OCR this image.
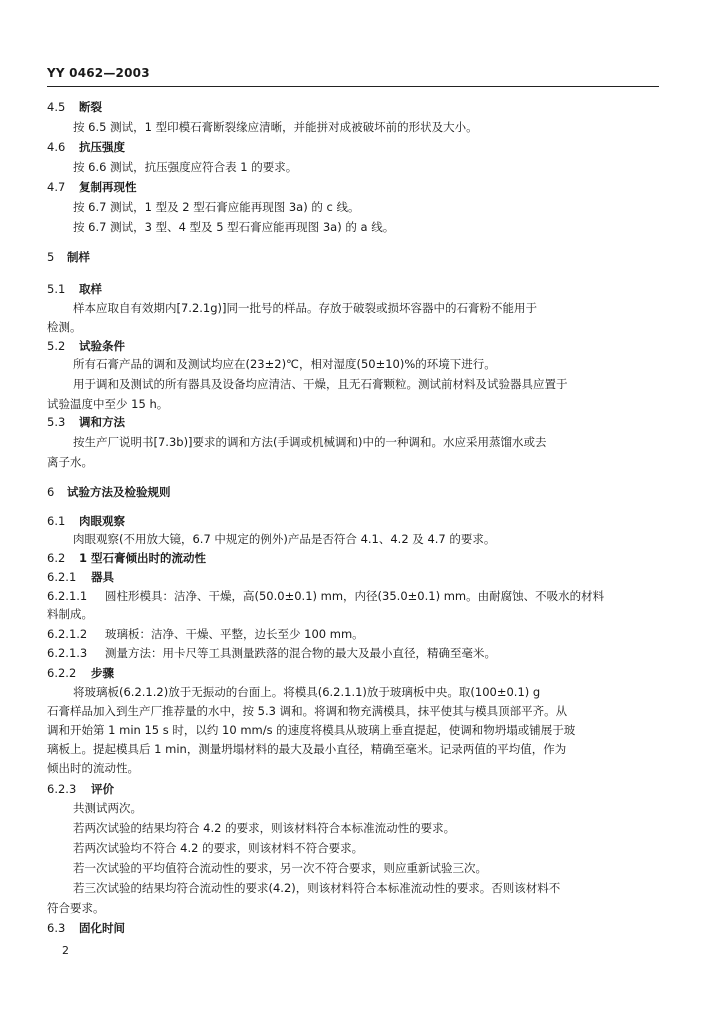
YY 0462—2003
4.5 断裂
按 6.5 测试，1 型印模石膏断裂缘应清晰，并能拼对成被破坏前的形状及大小。
4.6 抗压强度
按 6.6 测试，抗压强度应符合表 1 的要求。
4.7 复制再现性
按 6.7 测试，1 型及 2 型石膏应能再现图 3a) 的 c 线。
按 6.7 测试，3 型、4 型及 5 型石膏应能再现图 3a) 的 a 线。
5 制样
5.1 取样
样本应取自有效期内[7.2.1g)]同一批号的样品。存放于破裂或损坏容器中的石膏粉不能用于
检测。
5.2 试验条件
所有石膏产品的调和及测试均应在(23±2)℃，相对湿度(50±10)%的环境下进行。
用于调和及测试的所有器具及设备均应清洁、干燥，且无石膏颗粒。测试前材料及试验器具应置于
试验温度中至少 15 h。
5.3 调和方法
按生产厂说明书[7.3b)]要求的调和方法(手调或机械调和)中的一种调和。水应采用蒸馏水或去
离子水。
6 试验方法及检验规则
6.1 肉眼观察
肉眼观察(不用放大镜，6.7 中规定的例外)产品是否符合 4.1、4.2 及 4.7 的要求。
6.2 1 型石膏倾出时的流动性
6.2.1 器具
6.2.1.1 圆柱形模具：洁净、干燥，高(50.0±0.1) mm，内径(35.0±0.1) mm。由耐腐蚀、不吸水的材料
料制成。
6.2.1.2 玻璃板：洁净、干燥、平整，边长至少 100 mm。
6.2.1.3 测量方法：用卡尺等工具测量跌落的混合物的最大及最小直径，精确至毫米。
6.2.2 步骤
将玻璃板(6.2.1.2)放于无振动的台面上。将模具(6.2.1.1)放于玻璃板中央。取(100±0.1) g
石膏样品加入到生产厂推荐量的水中，按 5.3 调和。将调和物充满模具，抹平使其与模具顶部平齐。从
调和开始第 1 min 15 s 时，以约 10 mm/s 的速度将模具从玻璃上垂直提起，使调和物坍塌或铺展于玻
璃板上。提起模具后 1 min，测量坍塌材料的最大及最小直径，精确至毫米。记录两值的平均值，作为
倾出时的流动性。
6.2.3 评价
共测试两次。
若两次试验的结果均符合 4.2 的要求，则该材料符合本标准流动性的要求。
若两次试验均不符合 4.2 的要求，则该材料不符合要求。
若一次试验的平均值符合流动性的要求，另一次不符合要求，则应重新试验三次。
若三次试验的结果均符合流动性的要求(4.2)，则该材料符合本标准流动性的要求。否则该材料不
符合要求。
6.3 固化时间
2
